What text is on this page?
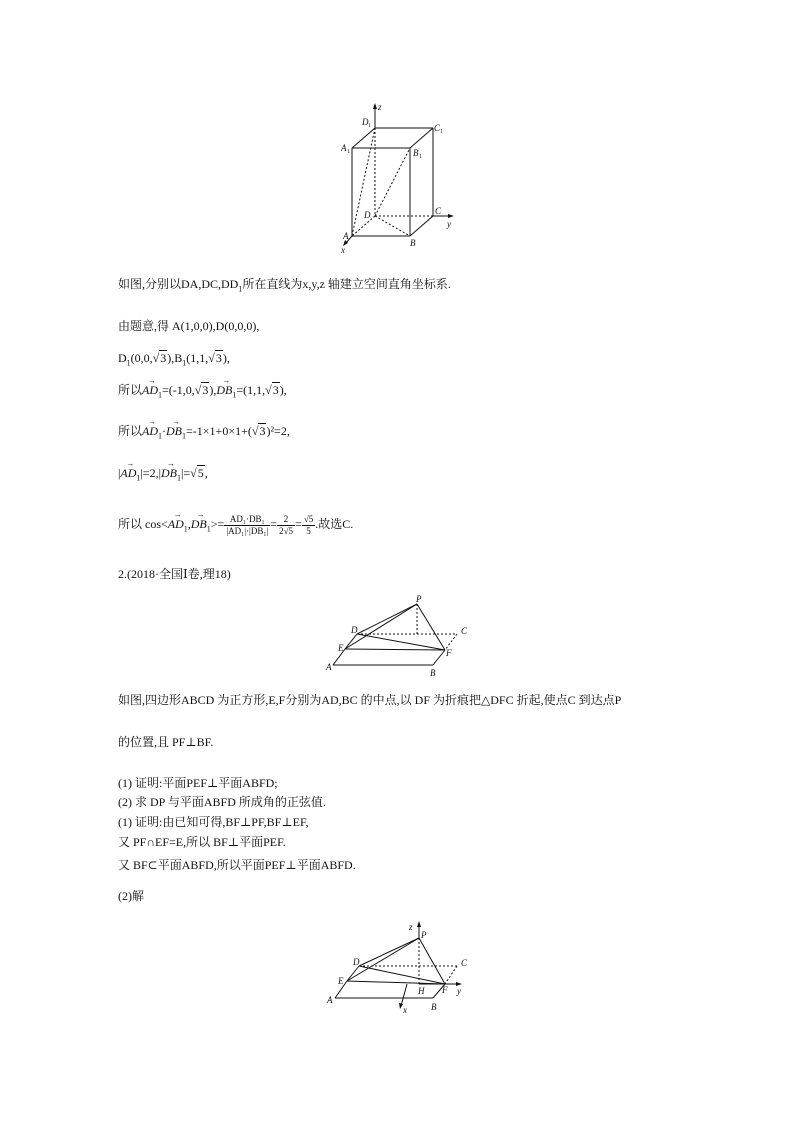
z
y
x
D 1	C 1
A 1	B 1
D	C
A
B
如图,分别以$DA,DC,DD_1$所在直线为x,y,z 轴建立空间直角坐标系.
由题意,得 A(1,0,0),D(0,0,0),
$D_1(0,0,√3),B_1(1,1,√3)$,
所以→ $AD_1=(-1,0,√3),\to DB_1=(1,1,√3)$,
所以→ $AD_1\cdot\to DB_1=-1\times 1+0\times 1+(√3)^2=2$,
|→ $AD_1|=2,|\to DB_1|=√5$,
所以 $\cos<\to AD_1,\to DB_1>= \frac{\text{AD₁·DB₁}}{\text{|AD₁|·|DB₁|}} = \frac{2}{2√5} = \frac{√5}{5}$ .故选C.
2.(2018·全国Ⅰ卷,理18)
P
D	C
E	F
A
B
如图,四边形ABCD 为正方形,E,F分别为AD,BC 的中点,以 DF 为折痕把△DFC 折起,使点C 到达点P
的位置,且 PF⊥BF.
(1) 证明:平面PEF⊥平面ABFD;
(2) 求 DP 与平面ABFD 所成角的正弦值.
(1) 证明:由已知可得,BF⊥PF,BF⊥EF,
又 PF∩EF=E,所以 BF⊥平面PEF.
又 BF⊂平面ABFD,所以平面PEF⊥平面ABFD.
(2)解
z
P
D	C
E
H F y
A
x	B
